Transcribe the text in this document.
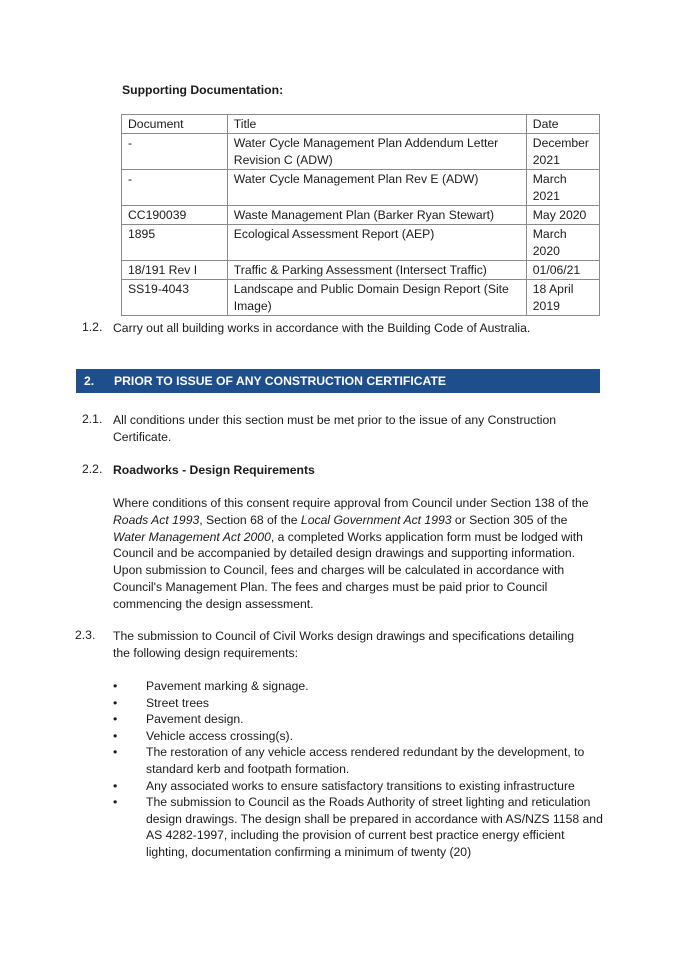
Supporting Documentation:
Document	Title	Date
-	Water Cycle Management Plan Addendum Letter Revision C (ADW)	December 2021
-	Water Cycle Management Plan Rev E (ADW)	March 2021
CC190039	Waste Management Plan (Barker Ryan Stewart)	May 2020
1895	Ecological Assessment Report (AEP)	March 2020
18/191 Rev I	Traffic & Parking Assessment (Intersect Traffic)	01/06/21
SS19-4043	Landscape and Public Domain Design Report (Site Image)	18 April 2019
1.2. Carry out all building works in accordance with the Building Code of Australia.
2. PRIOR TO ISSUE OF ANY CONSTRUCTION CERTIFICATE
2.1. All conditions under this section must be met prior to the issue of any Construction Certificate.
2.2. Roadworks - Design Requirements
Where conditions of this consent require approval from Council under Section 138 of the Roads Act 1993, Section 68 of the Local Government Act 1993 or Section 305 of the Water Management Act 2000, a completed Works application form must be lodged with Council and be accompanied by detailed design drawings and supporting information. Upon submission to Council, fees and charges will be calculated in accordance with Council's Management Plan. The fees and charges must be paid prior to Council commencing the design assessment.
2.3. The submission to Council of Civil Works design drawings and specifications detailing the following design requirements:
• Pavement marking & signage.
• Street trees
• Pavement design.
• Vehicle access crossing(s).
• The restoration of any vehicle access rendered redundant by the development, to standard kerb and footpath formation.
• Any associated works to ensure satisfactory transitions to existing infrastructure
• The submission to Council as the Roads Authority of street lighting and reticulation design drawings. The design shall be prepared in accordance with AS/NZS 1158 and AS 4282-1997, including the provision of current best practice energy efficient lighting, documentation confirming a minimum of twenty (20)
